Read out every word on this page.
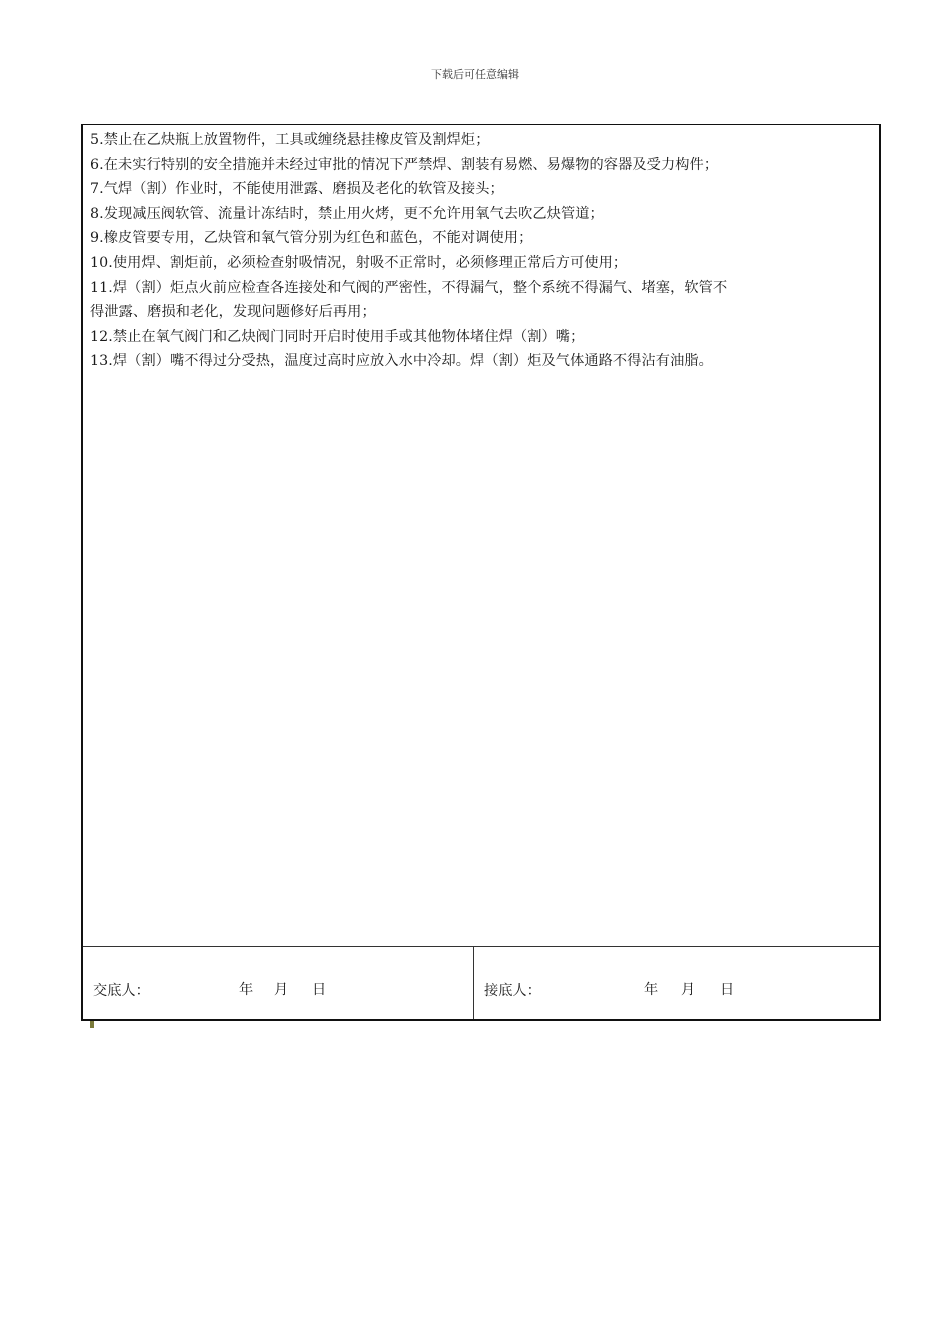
下载后可任意编辑

5.禁止在乙炔瓶上放置物件，工具或缠绕悬挂橡皮管及割焊炬；

6.在未实行特别的安全措施并未经过审批的情况下严禁焊、割装有易燃、易爆物的容器及受力构件；

7.气焊（割）作业时，不能使用泄露、磨损及老化的软管及接头；

8.发现减压阀软管、流量计冻结时，禁止用火烤，更不允许用氧气去吹乙炔管道；

9.橡皮管要专用，乙炔管和氧气管分别为红色和蓝色，不能对调使用；

10.使用焊、割炬前，必须检查射吸情况，射吸不正常时，必须修理正常后方可使用；

11.焊（割）炬点火前应检查各连接处和气阀的严密性，不得漏气，整个系统不得漏气、堵塞，软管不

得泄露、磨损和老化，发现问题修好后再用；

12.禁止在氧气阀门和乙炔阀门同时开启时使用手或其他物体堵住焊（割）嘴；

13.焊（割）嘴不得过分受热，温度过高时应放入水中冷却。焊（割）炬及气体通路不得沾有油脂。

交底人：	年 月 日	接底人：	年 月 日
